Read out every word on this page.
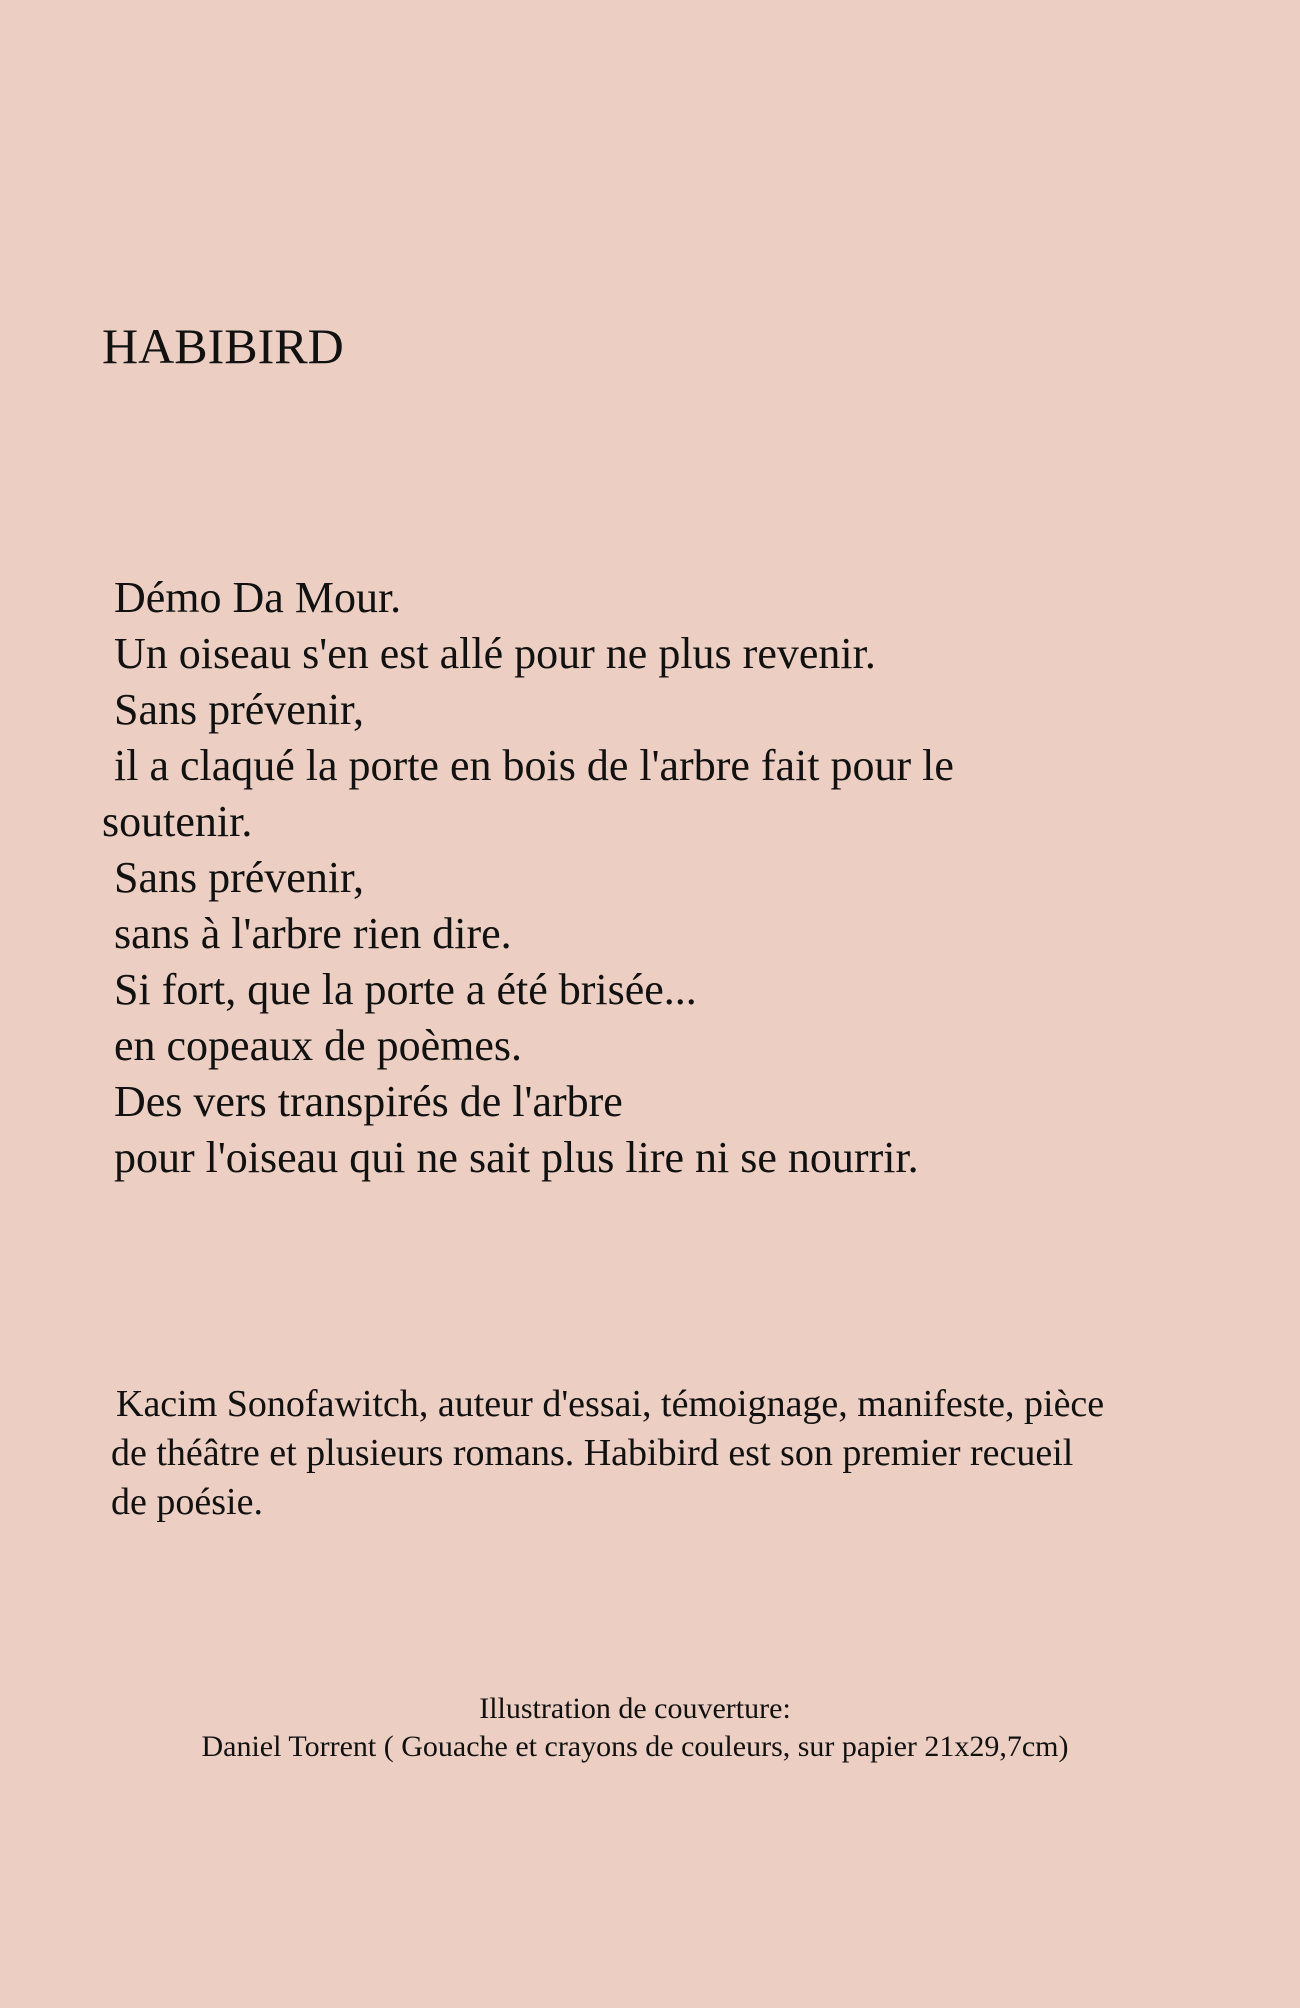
HABIBIRD
Démo Da Mour.
Un oiseau s'en est allé pour ne plus revenir.
Sans prévenir,
il a claqué la porte en bois de l'arbre fait pour le
soutenir.
Sans prévenir,
sans à l'arbre rien dire.
Si fort, que la porte a été brisée...
en copeaux de poèmes.
Des vers transpirés de l'arbre
pour l'oiseau qui ne sait plus lire ni se nourrir.
Kacim Sonofawitch, auteur d'essai, témoignage, manifeste, pièce
de théâtre et plusieurs romans. Habibird est son premier recueil
de poésie.
Illustration de couverture:
Daniel Torrent ( Gouache et crayons de couleurs, sur papier 21x29,7cm)
